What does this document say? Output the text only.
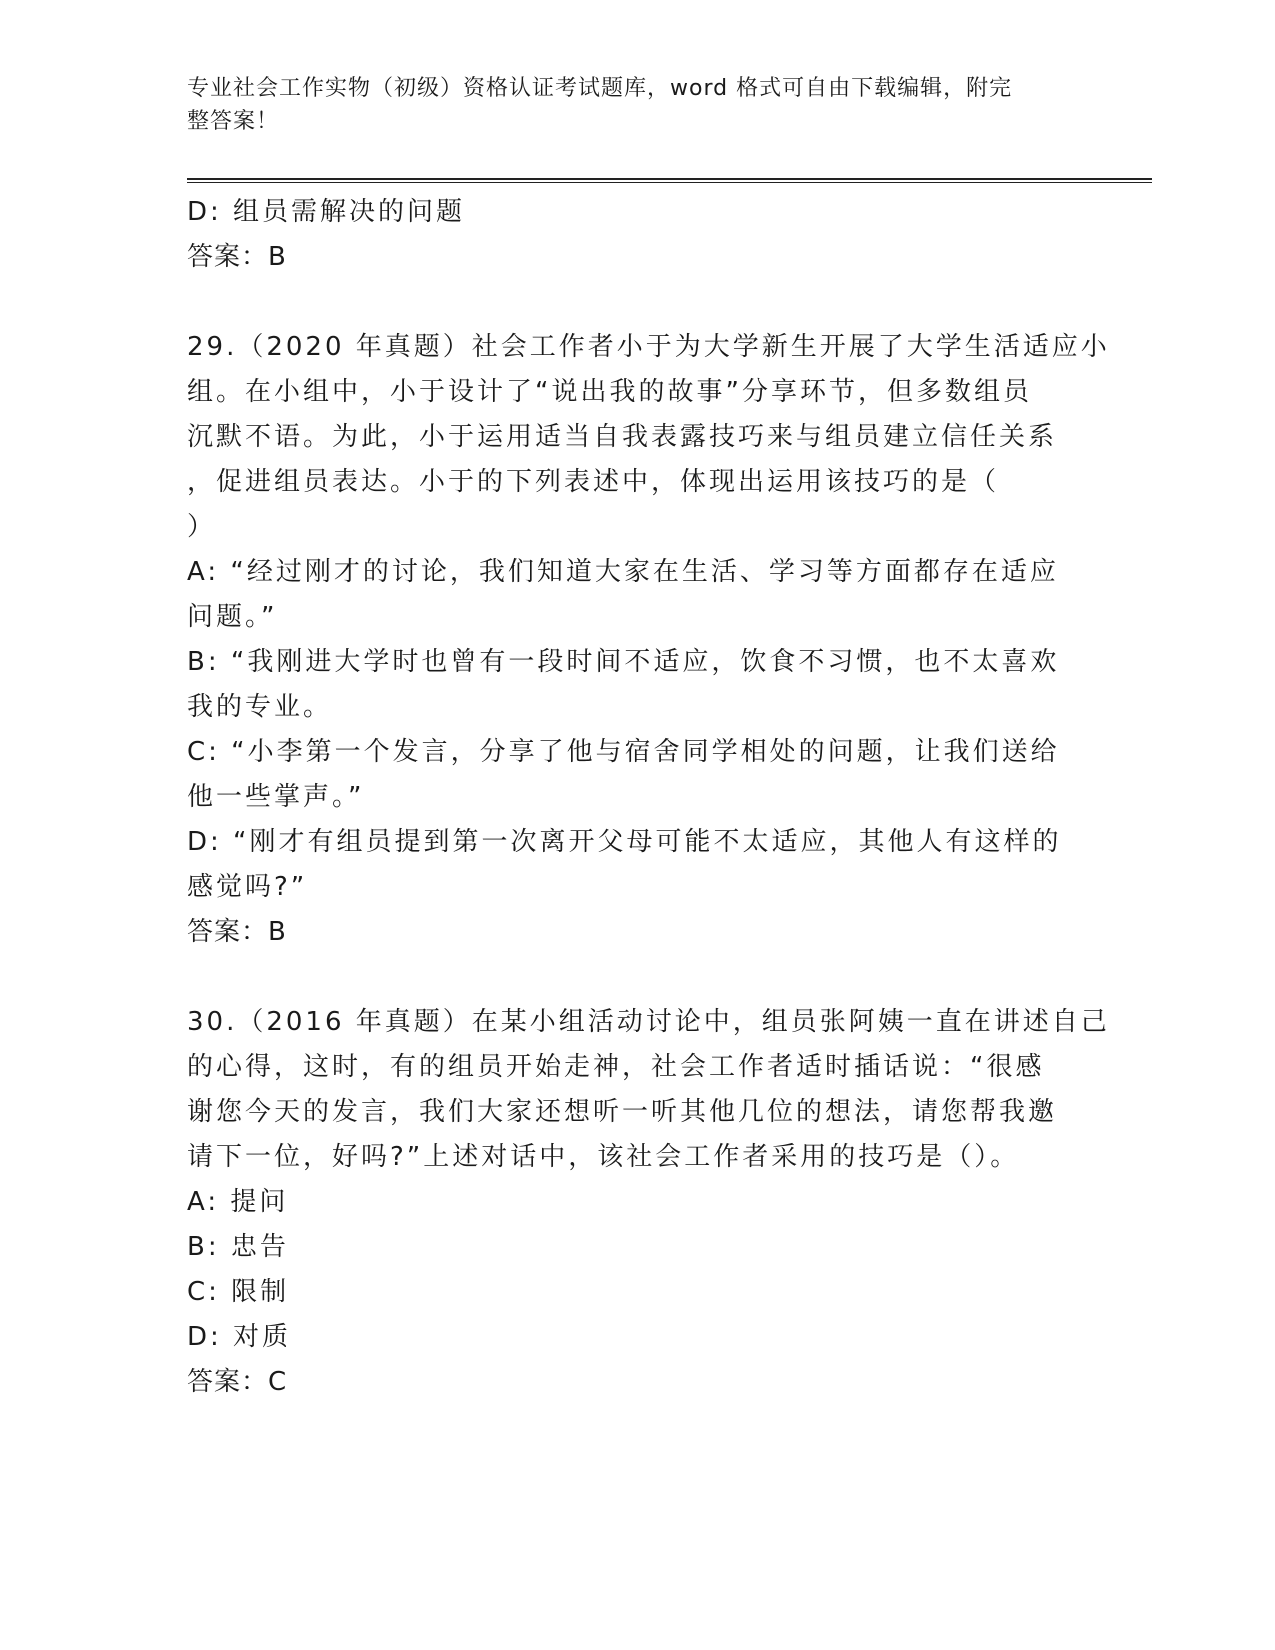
专业社会工作实物（初级）资格认证考试题库，word 格式可自由下载编辑，附完
整答案！
D: 组员需解决的问题
答案：B
29.（2020 年真题）社会工作者小于为大学新生开展了大学生活适应小
组。在小组中，小于设计了“说出我的故事”分享环节，但多数组员
沉默不语。为此，小于运用适当自我表露技巧来与组员建立信任关系
，促进组员表达。小于的下列表述中，体现出运用该技巧的是（
）
A: “经过刚才的讨论，我们知道大家在生活、学习等方面都存在适应
问题。”
B: “我刚进大学时也曾有一段时间不适应，饮食不习惯，也不太喜欢
我的专业。
C: “小李第一个发言，分享了他与宿舍同学相处的问题，让我们送给
他一些掌声。”
D: “刚才有组员提到第一次离开父母可能不太适应，其他人有这样的
感觉吗?”
答案：B
30.（2016 年真题）在某小组活动讨论中，组员张阿姨一直在讲述自己
的心得，这时，有的组员开始走神，社会工作者适时插话说：“很感
谢您今天的发言，我们大家还想听一听其他几位的想法，请您帮我邀
请下一位，好吗?”上述对话中，该社会工作者采用的技巧是（）。
A: 提问
B: 忠告
C: 限制
D: 对质
答案：C
